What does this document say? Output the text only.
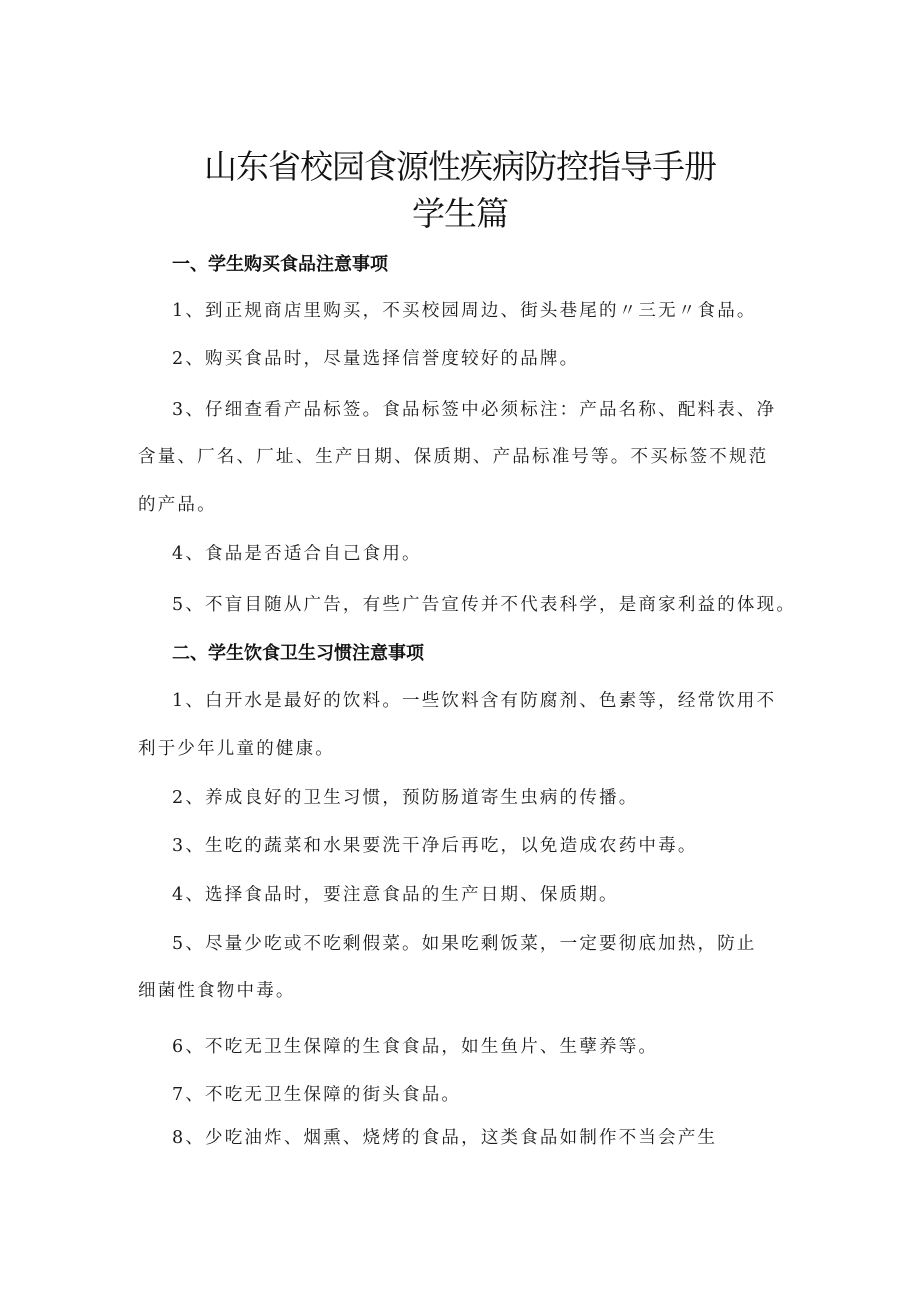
山东省校园食源性疾病防控指导手册
学生篇
一、学生购买食品注意事项
1、到正规商店里购买，不买校园周边、街头巷尾的〃三无〃食品。
2、购买食品时，尽量选择信誉度较好的品牌。
3、仔细查看产品标签。食品标签中必须标注：产品名称、配料表、净
含量、厂名、厂址、生产日期、保质期、产品标准号等。不买标签不规范
的产品。
4、食品是否适合自己食用。
5、不盲目随从广告，有些广告宣传并不代表科学，是商家利益的体现。
二、学生饮食卫生习惯注意事项
1、白开水是最好的饮料。一些饮料含有防腐剂、色素等，经常饮用不
利于少年儿童的健康。
2、养成良好的卫生习惯，预防肠道寄生虫病的传播。
3、生吃的蔬菜和水果要洗干净后再吃，以免造成农药中毒。
4、选择食品时，要注意食品的生产日期、保质期。
5、尽量少吃或不吃剩假菜。如果吃剩饭菜，一定要彻底加热，防止
细菌性食物中毒。
6、不吃无卫生保障的生食食品，如生鱼片、生孽养等。
7、不吃无卫生保障的街头食品。
8、少吃油炸、烟熏、烧烤的食品，这类食品如制作不当会产生
